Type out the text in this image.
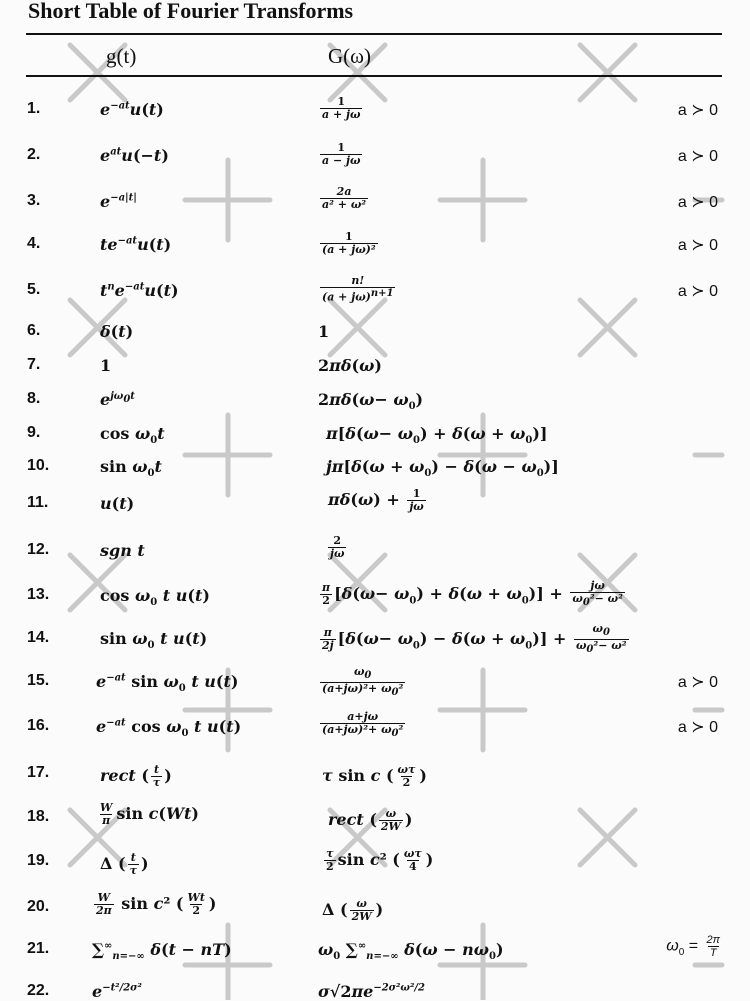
Short Table of Fourier Transforms
g(t)	G(ω)
1.	$e^{-at}u(t)$	$\frac{1}{a + j\omega}$	a ≻ 0
2.	$e^{at}u(-t)$	$\frac{1}{a - j\omega}$	a ≻ 0
3.	$e^{-a|t|}$	$\frac{2a}{\text{a² + ω²}}$	a ≻ 0
4.	$te^{-at}u(t)$	$\frac{1}{\text{(a + jω)²}}$	a ≻ 0
5.	$t^ne^{-at}u(t)$	$\frac{n!}{(a + j\omega)^{n+1}}$	a ≻ 0
6.	δ(t)	1
7.	1	2πδ(ω)
8.	$e^{j\omega_0t}$	$2\pi\delta(\omega- \omega_0)$
9.	$\cos \omega_0t$	$\pi[\delta(\omega- \omega_0) + \delta(\omega + \omega_0)]$
10.	$\sin \omega_0t$	$j\pi[\delta(\omega + \omega_0) - \delta(\omega - \omega_0)]$
11.	u(t)	$\pi\delta(\omega) + \frac{1}{j\omega}$
12.	sgn t	$\frac{2}{j\omega}$
13.	$\cos \omega_0$ t u(t)	$\frac{\pi}{2} [\delta(\omega- \omega_0) + \delta(\omega + \omega_0)] + \frac{j\omega}{\omega_0^2- \omega^2}$
14.	$\sin \omega_0$ t u(t)	$\frac{\pi}{2j} [\delta(\omega- \omega_0) - \delta(\omega + \omega_0)] + \frac{\omega_0}{\omega_0^2- \omega^2}$
15.	$e^{-at}$ $\sin \omega_0$ t u(t)	$\frac{\omega_0}{(a+j\omega)^2+ \omega_0^2}$	a ≻ 0
16.	$e^{-at}$ $\cos \omega_0$ t u(t)	$\frac{a+j\omega}{(a+j\omega)^2+ \omega_0^2}$	a ≻ 0
17.	rect ( $\frac{t}{\tau}$ )	τ sin c ( $\frac{\omega\tau}{2}$ )
18.	$\frac{W}{\pi}$ sin c(Wt)	rect ( $\frac{\omega}{2W}$ )
19.	Δ ( $\frac{t}{\tau}$ )	$\frac{\tau}{2}$ sin c² ( $\frac{\omega\tau}{4}$ )
20.	$\frac{W}{2\pi}$ sin c² ( $\frac{Wt}{2}$ )	Δ ( $\frac{\omega}{2W}$ )
21.	$\sum^\infty_{n=-\infty}$ δ(t − nT)	$\omega_0$ $\sum^\infty_{n=-\infty}$ $\delta(\omega - n\omega_0)$	$\omega_0 = \frac{2\pi}{T}$
22.	$e^{-t^2/2\sigma^2}$	$\sigma√2\pi e^{-2\sigma^2\omega^2/2}$
